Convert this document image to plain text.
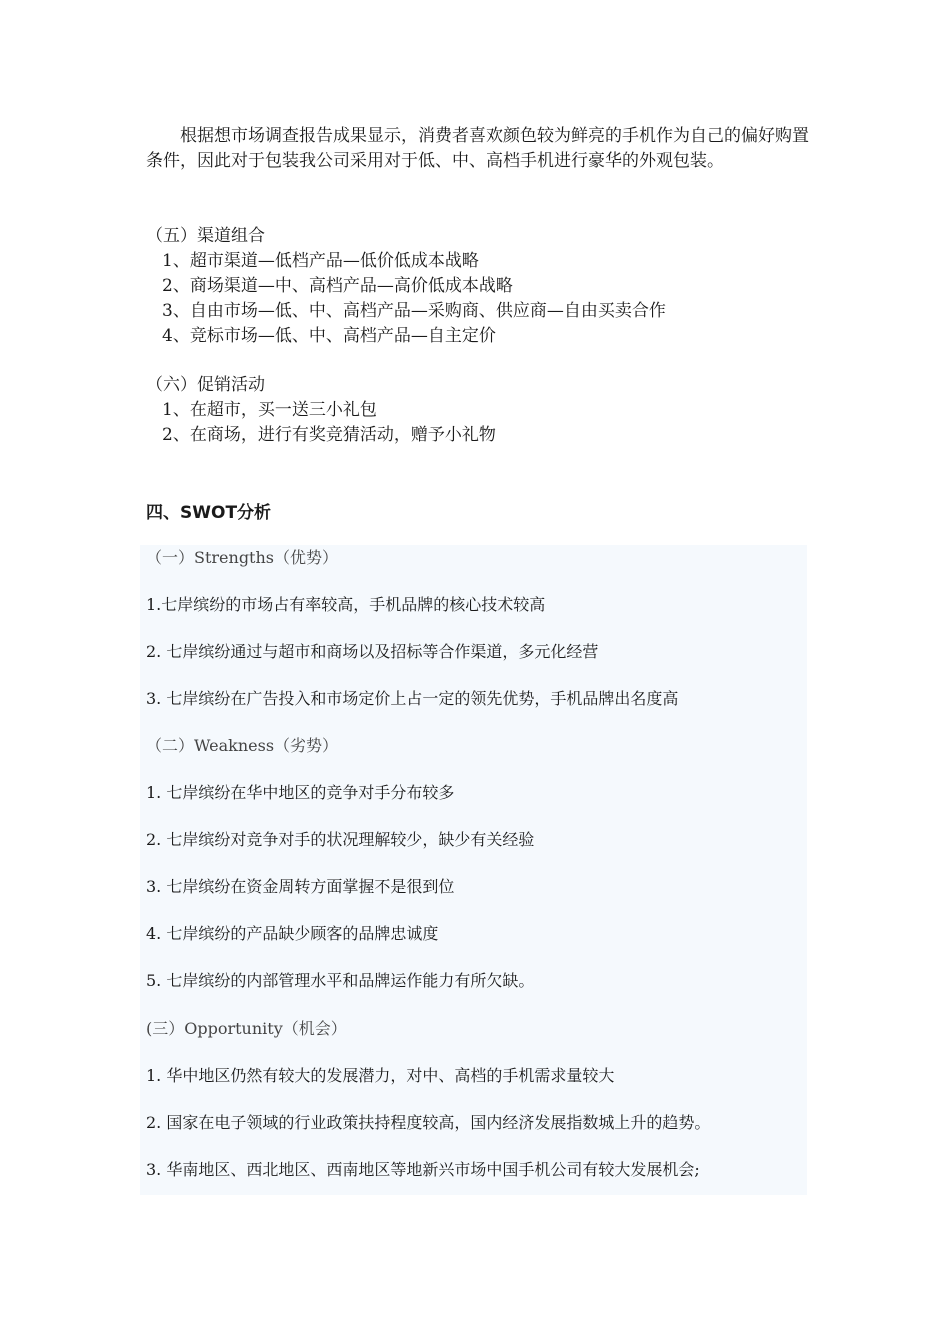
根据想市场调查报告成果显示，消费者喜欢颜色较为鲜亮的手机作为自己的偏好购置条件，因此对于包装我公司采用对于低、中、高档手机进行豪华的外观包装。

（五）渠道组合
1、超市渠道—低档产品—低价低成本战略
2、商场渠道—中、高档产品—高价低成本战略
3、自由市场—低、中、高档产品—采购商、供应商—自由买卖合作
4、竞标市场—低、中、高档产品—自主定价
（六）促销活动
1、在超市，买一送三小礼包
2、在商场，进行有奖竞猜活动，赠予小礼物
四、SWOT分析
（一）Strengths（优势）
1.七岸缤纷的市场占有率较高，手机品牌的核心技术较高
2. 七岸缤纷通过与超市和商场以及招标等合作渠道，多元化经营
3. 七岸缤纷在广告投入和市场定价上占一定的领先优势，手机品牌出名度高
（二）Weakness（劣势）
1. 七岸缤纷在华中地区的竞争对手分布较多
2. 七岸缤纷对竞争对手的状况理解较少，缺少有关经验
3. 七岸缤纷在资金周转方面掌握不是很到位
4. 七岸缤纷的产品缺少顾客的品牌忠诚度
5. 七岸缤纷的内部管理水平和品牌运作能力有所欠缺。
(三）Opportunity（机会）
1. 华中地区仍然有较大的发展潜力，对中、高档的手机需求量较大
2. 国家在电子领域的行业政策扶持程度较高，国内经济发展指数城上升的趋势。
3. 华南地区、西北地区、西南地区等地新兴市场中国手机公司有较大发展机会;
